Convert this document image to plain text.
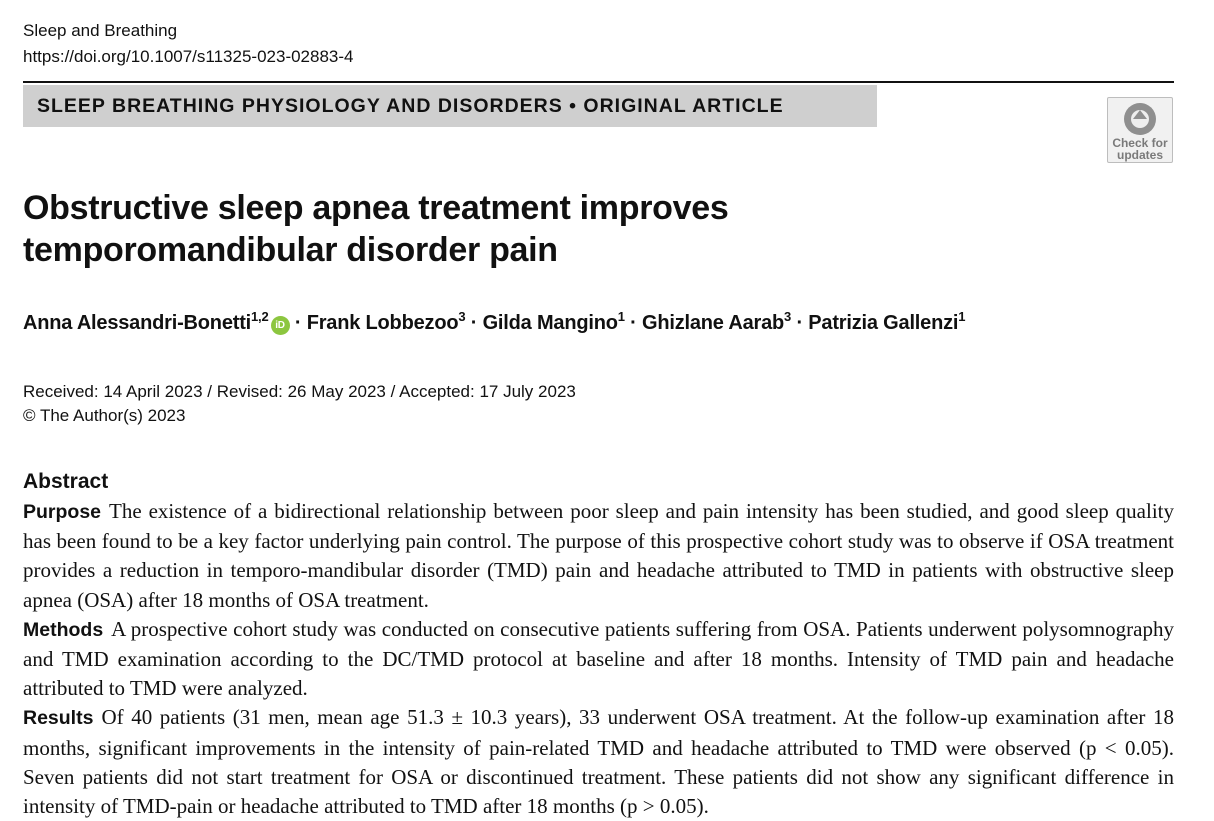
Sleep and Breathing
https://doi.org/10.1007/s11325-023-02883-4
SLEEP BREATHING PHYSIOLOGY AND DISORDERS • ORIGINAL ARTICLE
Check for
updates
Obstructive sleep apnea treatment improves temporomandibular disorder pain
Anna Alessandri-Bonetti$^{1,2}$iD · Frank Lobbezoo$^3$ · Gilda Mangino$^1$ · Ghizlane Aarab$^3$ · Patrizia Gallenzi$^1$
Received: 14 April 2023 / Revised: 26 May 2023 / Accepted: 17 July 2023
© The Author(s) 2023
Abstract

Purpose The existence of a bidirectional relationship between poor sleep and pain intensity has been studied, and good sleep quality has been found to be a key factor underlying pain control. The purpose of this prospective cohort study was to observe if OSA treatment provides a reduction in temporo-mandibular disorder (TMD) pain and headache attributed to TMD in patients with obstructive sleep apnea (OSA) after 18 months of OSA treatment.

Methods A prospective cohort study was conducted on consecutive patients suffering from OSA. Patients underwent polysomnography and TMD examination according to the DC/TMD protocol at baseline and after 18 months. Intensity of TMD pain and headache attributed to TMD were analyzed.

Results Of 40 patients (31 men, mean age 51.3 ± 10.3 years), 33 underwent OSA treatment. At the follow-up examination after 18 months, significant improvements in the intensity of pain-related TMD and headache attributed to TMD were observed (p < 0.05). Seven patients did not start treatment for OSA or discontinued treatment. These patients did not show any significant difference in intensity of TMD-pain or headache attributed to TMD after 18 months (p > 0.05).
